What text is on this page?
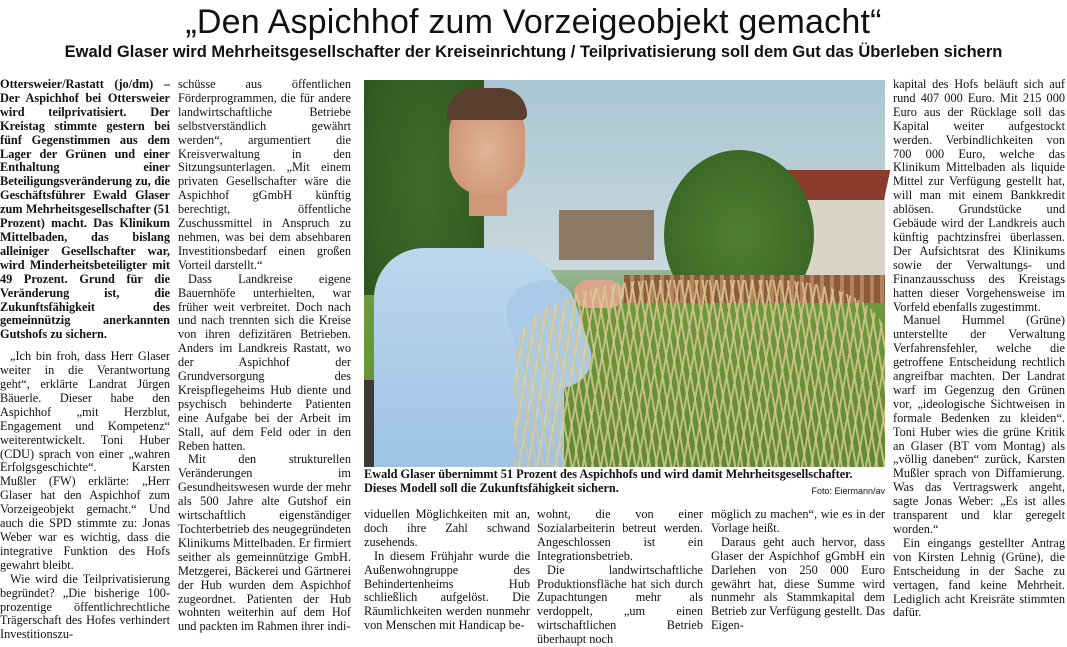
„Den Aspichhof zum Vorzeigeobjekt gemacht“
Ewald Glaser wird Mehrheitsgesellschafter der Kreiseinrichtung / Teilprivatisierung soll dem Gut das Überleben sichern

Ottersweier/Rastatt (jo/dm) – Der Aspichhof bei Ottersweier wird teilprivatisiert. Der Kreistag stimmte gestern bei fünf Gegenstimmen aus dem Lager der Grünen und einer Enthaltung einer Beteiligungsveränderung zu, die Geschäftsführer Ewald Glaser zum Mehrheitsgesellschafter (51 Prozent) macht. Das Klinikum Mittelbaden, das bislang alleiniger Gesellschafter war, wird Minderheitsbeteiligter mit 49 Prozent. Grund für die Veränderung ist, die Zukunftsfähigkeit des gemeinnützig anerkannten Gutshofs zu sichern.

„Ich bin froh, dass Herr Glaser weiter in die Verantwortung geht“, erklärte Landrat Jürgen Bäuerle. Dieser habe den Aspichhof „mit Herzblut, Engagement und Kompetenz“ weiterentwickelt. Toni Huber (CDU) sprach von einer „wahren Erfolgsgeschichte“. Karsten Mußler (FW) erklärte: „Herr Glaser hat den Aspichhof zum Vorzeigeobjekt gemacht.“ Und auch die SPD stimmte zu: Jonas Weber war es wichtig, dass die integrative Funktion des Hofs gewahrt bleibt.

Wie wird die Teilprivatisierung begründet? „Die bisherige 100-prozentige öffentlichrechtliche Trägerschaft des Hofes verhindert Investitionszu-

schüsse aus öffentlichen Förderprogrammen, die für andere landwirtschaftliche Betriebe selbstverständlich gewährt werden“, argumentiert die Kreisverwaltung in den Sitzungsunterlagen. „Mit einem privaten Gesellschafter wäre die Aspichhof gGmbH künftig berechtigt, öffentliche Zuschussmittel in Anspruch zu nehmen, was bei dem absehbaren Investitionsbedarf einen großen Vorteil darstellt.“

Dass Landkreise eigene Bauernhöfe unterhielten, war früher weit verbreitet. Doch nach und nach trennten sich die Kreise von ihren defizitären Betrieben. Anders im Landkreis Rastatt, wo der Aspichhof der Grundversorgung des Kreispflegeheims Hub diente und psychisch behinderte Patienten eine Aufgabe bei der Arbeit im Stall, auf dem Feld oder in den Reben hatten.

Mit den strukturellen Veränderungen im Gesundheitswesen wurde der mehr als 500 Jahre alte Gutshof ein wirtschaftlich eigenständiger Tochterbetrieb des neugegründeten Klinikums Mittelbaden. Er firmiert seither als gemeinnützige GmbH. Metzgerei, Bäckerei und Gärtnerei der Hub wurden dem Aspichhof zugeordnet. Patienten der Hub wohnten weiterhin auf dem Hof und packten im Rahmen ihrer indi-

Ewald Glaser übernimmt 51 Prozent des Aspichhofs und wird damit Mehrheitsgesellschafter. Dieses Modell soll die Zukunftsfähigkeit sichern.	Foto: Eiermann/av

viduellen Möglichkeiten mit an, doch ihre Zahl schwand zusehends.

In diesem Frühjahr wurde die Außenwohngruppe des Behindertenheims Hub schließlich aufgelöst. Die Räumlichkeiten werden nunmehr von Menschen mit Handicap be-

wohnt, die von einer Sozialarbeiterin betreut werden. Angeschlossen ist ein Integrationsbetrieb.

Die landwirtschaftliche Produktionsfläche hat sich durch Zupachtungen mehr als verdoppelt, „um einen wirtschaftlichen Betrieb überhaupt noch

möglich zu machen“, wie es in der Vorlage heißt.

Daraus geht auch hervor, dass Glaser der Aspichhof gGmbH ein Darlehen von 250 000 Euro gewährt hat, diese Summe wird nunmehr als Stammkapital dem Betrieb zur Verfügung gestellt. Das Eigen-

kapital des Hofs beläuft sich auf rund 407 000 Euro. Mit 215 000 Euro aus der Rücklage soll das Kapital weiter aufgestockt werden. Verbindlichkeiten von 700 000 Euro, welche das Klinikum Mittelbaden als liquide Mittel zur Verfügung gestellt hat, will man mit einem Bankkredit ablösen. Grundstücke und Gebäude wird der Landkreis auch künftig pachtzinsfrei überlassen. Der Aufsichtsrat des Klinikums sowie der Verwaltungs- und Finanzausschuss des Kreistags hatten dieser Vorgehensweise im Vorfeld ebenfalls zugestimmt.

Manuel Hummel (Grüne) unterstellte der Verwaltung Verfahrensfehler, welche die getroffene Entscheidung rechtlich angreifbar machten. Der Landrat warf im Gegenzug den Grünen vor, „ideologische Sichtweisen in formale Bedenken zu kleiden“. Toni Huber wies die grüne Kritik an Glaser (BT vom Montag) als „völlig daneben“ zurück, Karsten Mußler sprach von Diffamierung. Was das Vertragswerk angeht, sagte Jonas Weber: „Es ist alles transparent und klar geregelt worden.“

Ein eingangs gestellter Antrag von Kirsten Lehnig (Grüne), die Entscheidung in der Sache zu vertagen, fand keine Mehrheit. Lediglich acht Kreisräte stimmten dafür.
